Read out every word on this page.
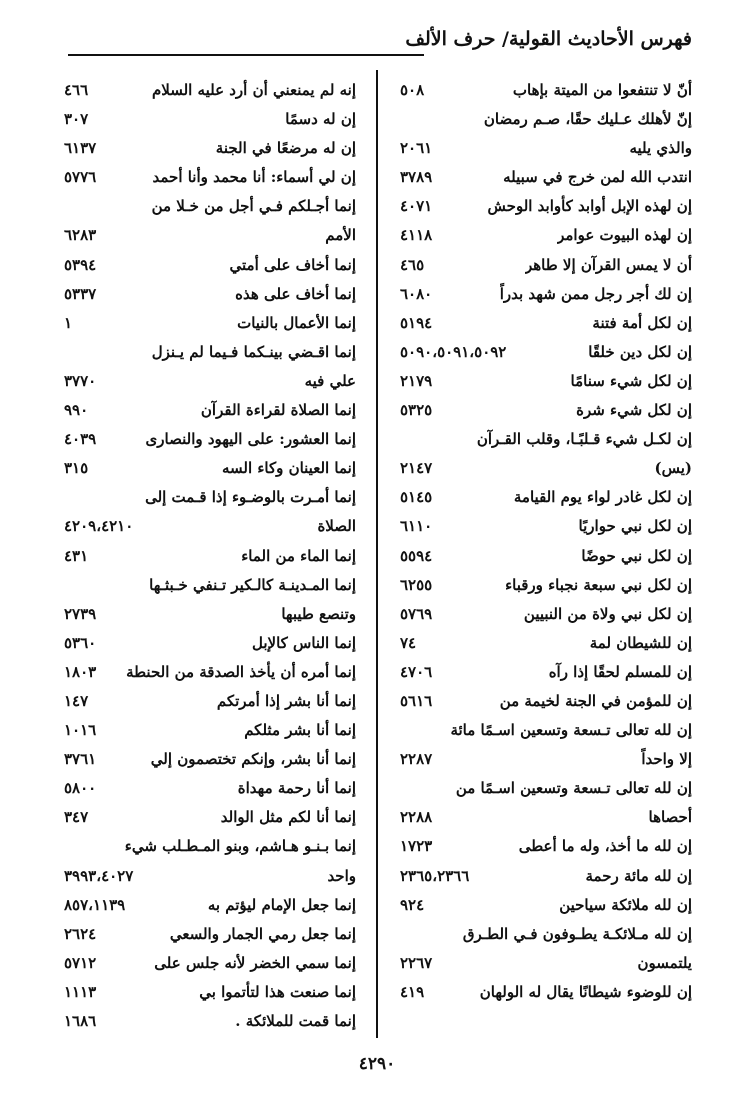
فهرس الأحاديث القولية/ حرف الألف
أنّ لا تنتفعوا من الميتة بإهاب
٥٠٨
إنّ لأهلك عـليك حقًا، صـم رمضان
والذي يليه
٢٠٦١
انتدب الله لمن خرج في سبيله
٣٧٨٩
إن لهذه الإبل أوابد كأوابد الوحش
٤٠٧١
إن لهذه البيوت عوامر
٤١١٨
أن لا يمس القرآن إلا طاهر
٤٦٥
إن لك أجر رجل ممن شهد بدراً
٦٠٨٠
إن لكل أمة فتنة
٥١٩٤
إن لكل دين خلقًا
٥٠٩٠،٥٠٩١،٥٠٩٢
إن لكل شيء سنامًا
٢١٧٩
إن لكل شيء شرة
٥٣٢٥
إن لكـل شيء قـلبًـا، وقلب القـرآن
(يس)
٢١٤٧
إن لكل غادر لواء يوم القيامة
٥١٤٥
إن لكل نبي حواريًا
٦١١٠
إن لكل نبي حوضًا
٥٥٩٤
إن لكل نبي سبعة نجباء ورقباء
٦٢٥٥
إن لكل نبي ولاة من النبيين
٥٧٦٩
إن للشيطان لمة
٧٤
إن للمسلم لحقًا إذا رآه
٤٧٠٦
إن للمؤمن في الجنة لخيمة من
٥٦١٦
إن لله تعالى تـسعة وتسعين اسـمًا مائة
إلا واحداً
٢٢٨٧
إن لله تعالى تـسعة وتسعين اسـمًا من
أحصاها
٢٢٨٨
إن لله ما أخذ، وله ما أعطى
١٧٢٣
إن لله مائة رحمة
٢٣٦٥،٢٣٦٦
إن لله ملائكة سياحين
٩٢٤
إن لله مـلائكـة يطـوفون فـي الطـرق
يلتمسون
٢٢٦٧
إن للوضوء شيطانًا يقال له الولهان
٤١٩
إنه لم يمنعني أن أرد عليه السلام
٤٦٦
إن له دسمًا
٣٠٧
إن له مرضعًا في الجنة
٦١٣٧
إن لي أسماء: أنا محمد وأنا أحمد
٥٧٧٦
إنما أجـلكم فـي أجل من خـلا من
الأمم
٦٢٨٣
إنما أخاف على أمتي
٥٣٩٤
إنما أخاف على هذه
٥٣٣٧
إنما الأعمال بالنيات
١
إنما اقـضي بينـكما فـيما لم يـنزل
علي فيه
٣٧٧٠
إنما الصلاة لقراءة القرآن
٩٩٠
إنما العشور: على اليهود والنصارى
٤٠٣٩
إنما العينان وكاء السه
٣١٥
إنما أمـرت بالوضـوء إذا قـمت إلى
الصلاة
٤٢٠٩،٤٢١٠
إنما الماء من الماء
٤٣١
إنما المـدينـة كالـكير تـنفي خـبثـها
وتنصع طيبها
٢٧٣٩
إنما الناس كالإبل
٥٣٦٠
إنما أمره أن يأخذ الصدقة من الحنطة
١٨٠٣
إنما أنا بشر إذا أمرتكم
١٤٧
إنما أنا بشر مثلكم
١٠١٦
إنما أنا بشر، وإنكم تختصمون إلي
٣٧٦١
إنما أنا رحمة مهداة
٥٨٠٠
إنما أنا لكم مثل الوالد
٣٤٧
إنما بـنـو هـاشم، وبنو المـطـلب شيء
واحد
٣٩٩٣،٤٠٢٧
إنما جعل الإمام ليؤتم به
٨٥٧،١١٣٩
إنما جعل رمي الجمار والسعي
٢٦٢٤
إنما سمي الخضر لأنه جلس على
٥٧١٢
إنما صنعت هذا لتأتموا بي
١١١٣
إنما قمت للملائكة .
١٦٨٦
٤٢٩٠
